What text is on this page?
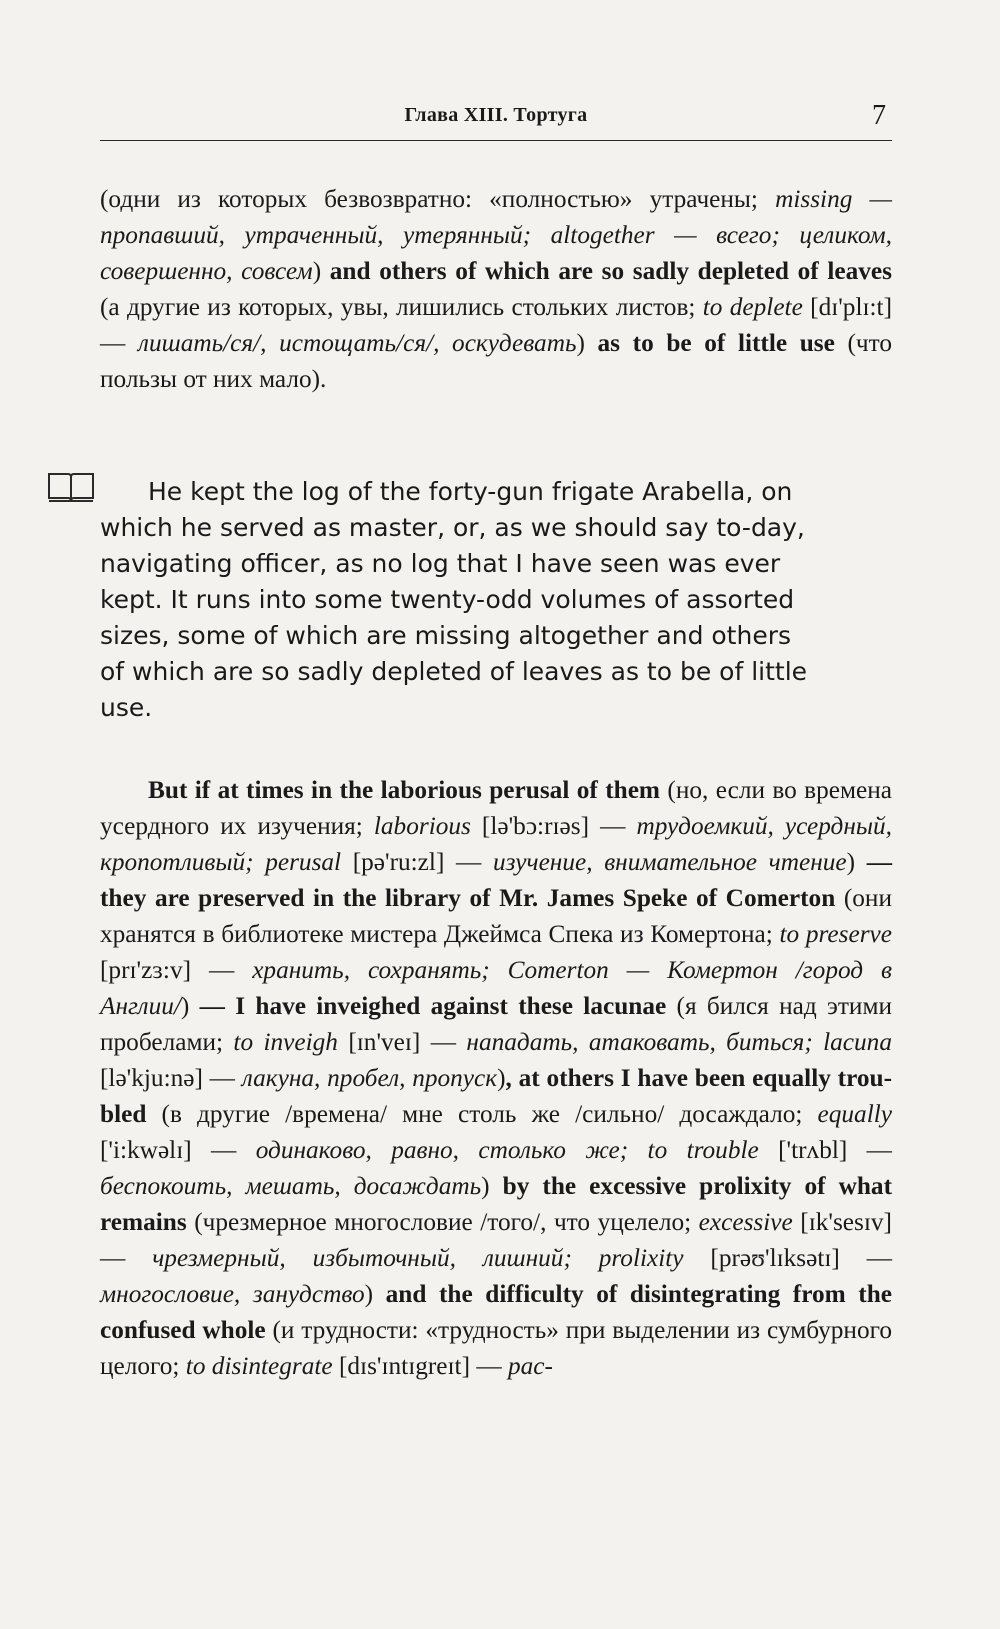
Глава XIII. Тортуга	7

(одни из которых безвозвратно: «полностью» утрачены; missing — пропавший, утраченный, утерянный; altogether — всего; целиком, совершенно, совсем) and others of which are so sadly depleted of leaves (а другие из которых, увы, лишились стольких листов; to deplete [dɪ'plɪ:t] — лишать/ся/, истощать/ся/, оскудевать) as to be of little use (что пользы от них мало).

He kept the log of the forty-gun frigate Arabella, on
which he served as master, or, as we should say to-day,
navigating officer, as no log that I have seen was ever
kept. It runs into some twenty-odd volumes of assorted
sizes, some of which are missing altogether and others
of which are so sadly depleted of leaves as to be of little
use.

But if at times in the laborious perusal of them (но, если во времена усердного их изучения; laborious [lə'bɔ:rɪəs] — трудоемкий, усердный, кропотливый; perusal [pə'ru:zl] — изучение, внимательное чтение) — they are preserved in the library of Mr. James Speke of Comerton (они хранятся в библиотеке мистера Джеймса Спека из Комертона; to preserve [prɪ'zɜ:v] — хранить, сохранять; Comerton — Комертон /город в Англии/) — I have inveighed against these lacunae (я бился над этими пробелами; to inveigh [ɪn'veɪ] — нападать, атаковать, биться; lacuna [lə'kju:nə] — лакуна, пробел, пропуск), at others I have been equally troubled (в другие /времена/ мне столь же /сильно/ досаждало; equally ['i:kwəlɪ] — одинаково, равно, столько же; to trouble ['trʌbl] — беспокоить, мешать, досаждать) by the excessive prolixity of what remains (чрезмерное многословие /того/, что уцелело; excessive [ɪk'sesɪv] — чрезмерный, избыточный, лишний; prolixity [prəʊ'lɪksətɪ] — многословие, занудство) and the difficulty of disintegrating from the confused whole (и трудности: «трудность» при выделении из сумбурного целого; to disintegrate [dɪs'ɪntɪgreɪt] — рас-
